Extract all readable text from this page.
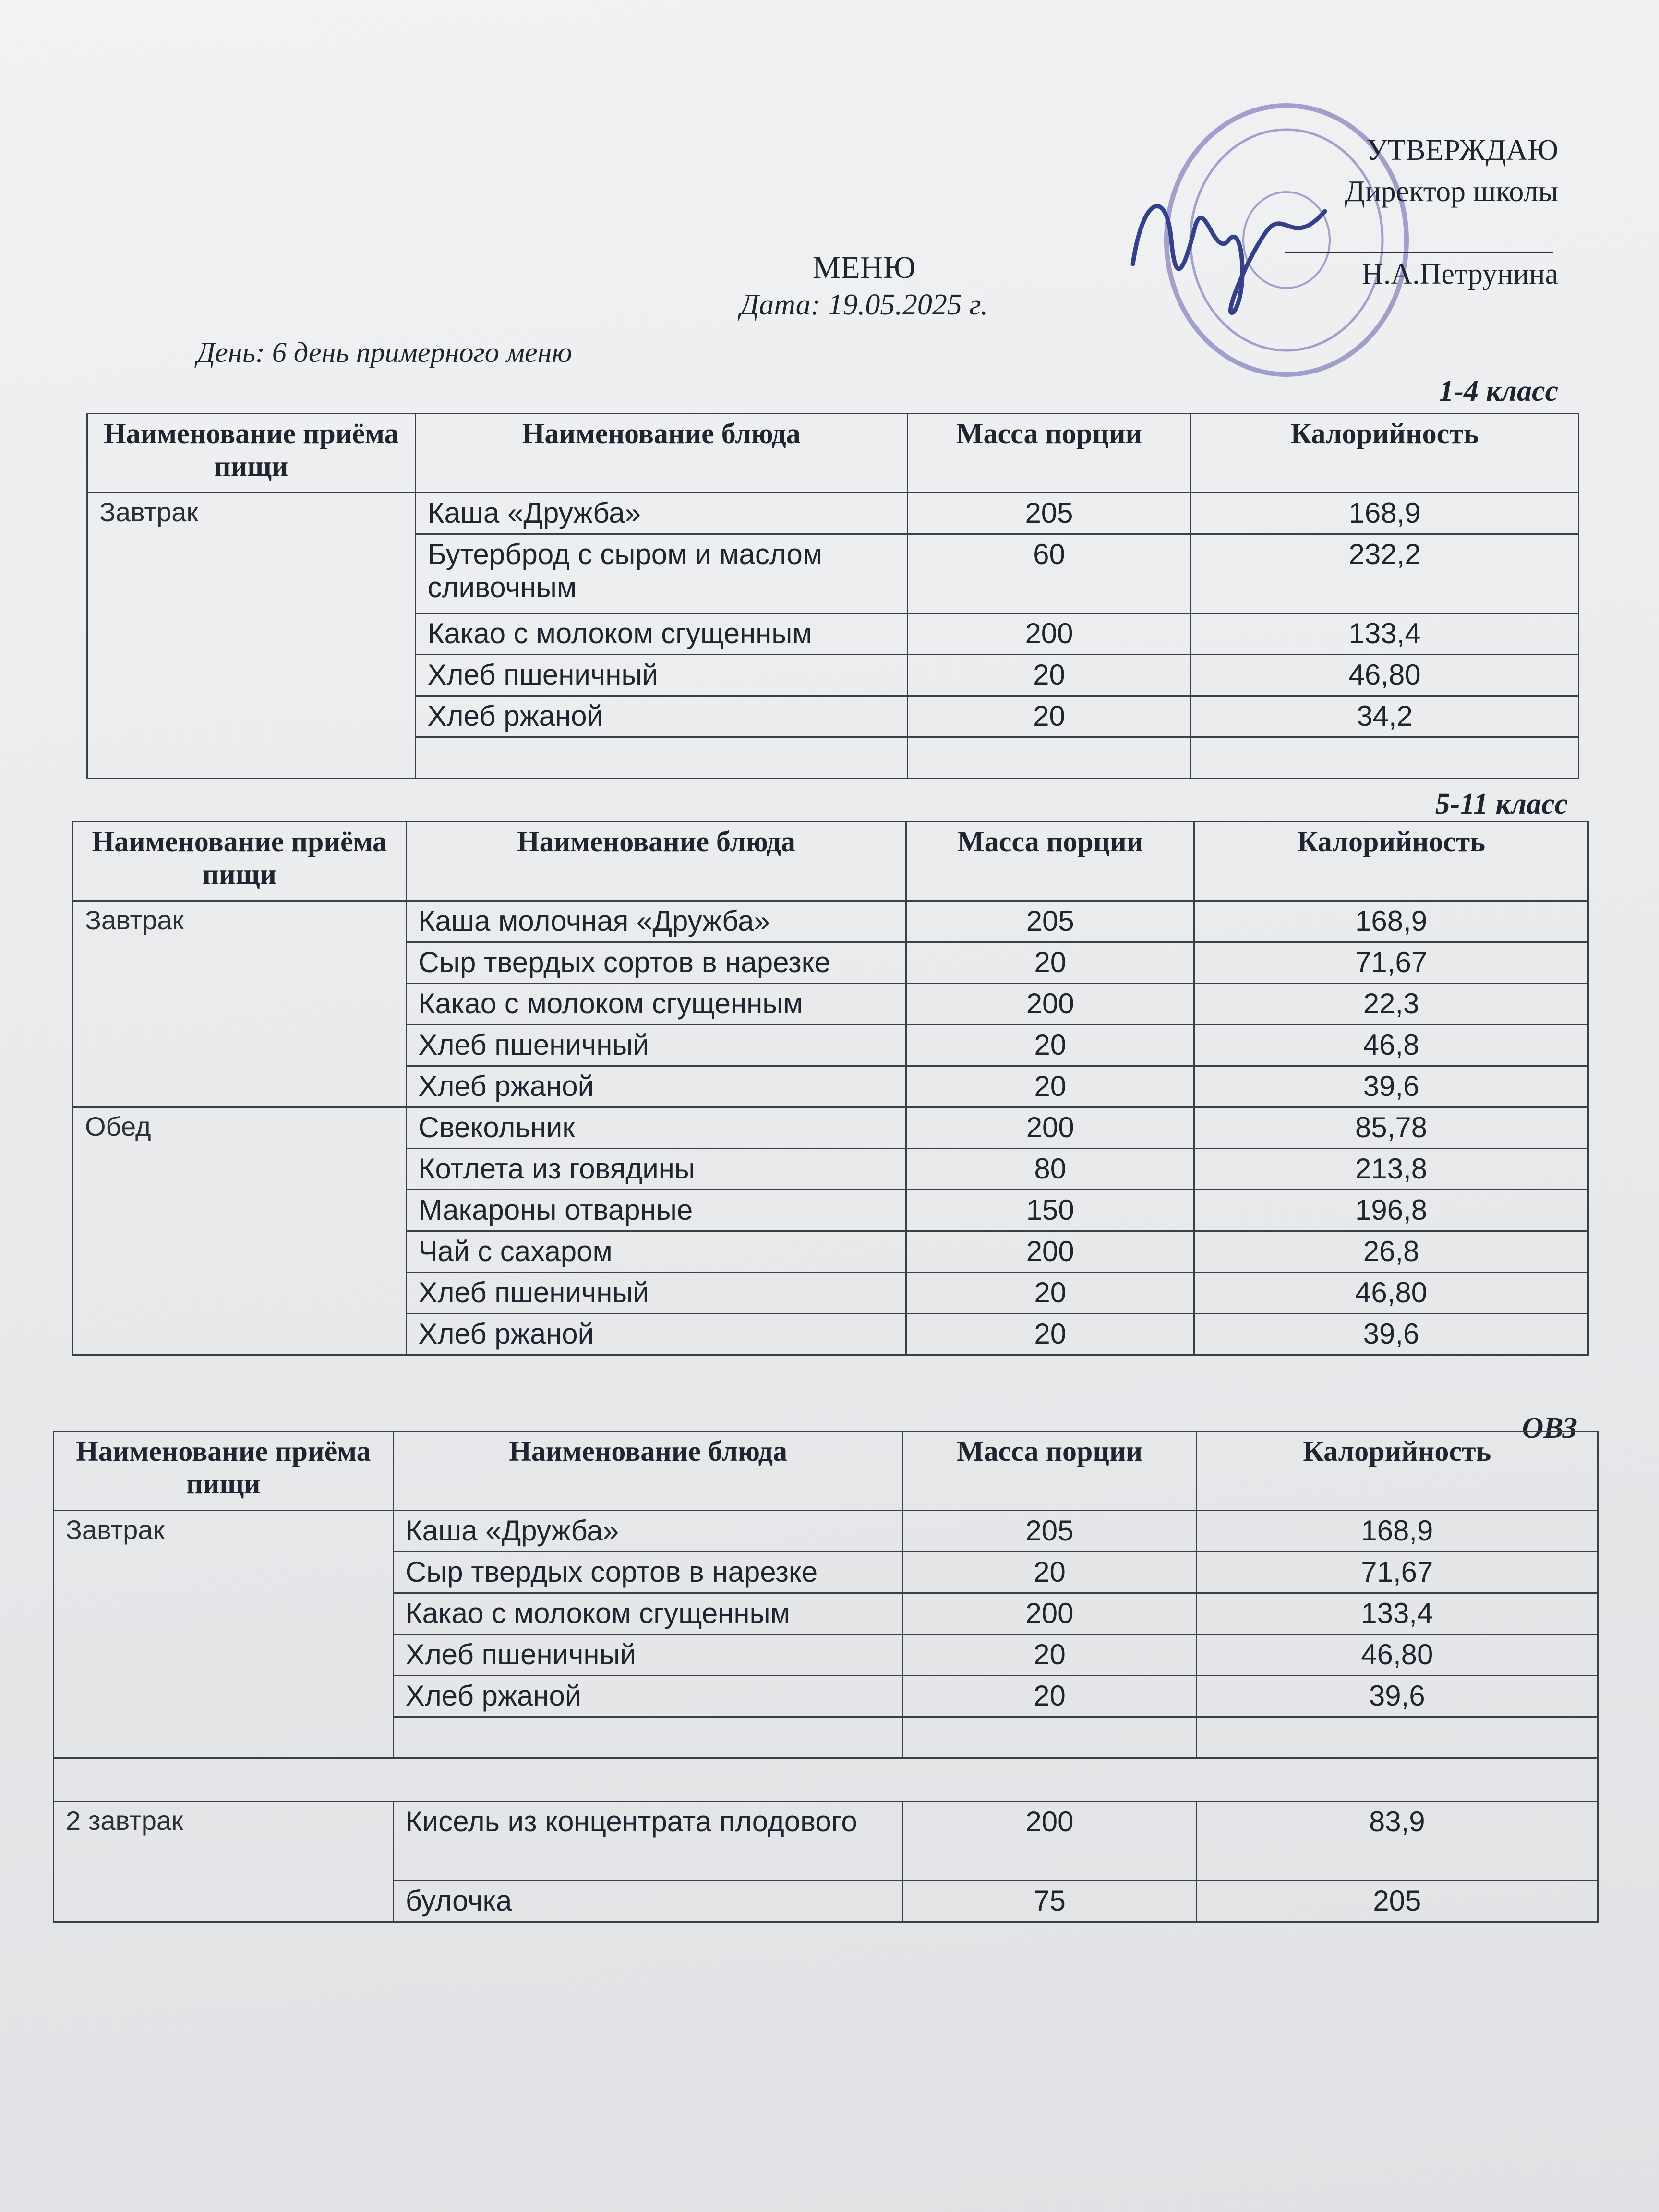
УТВЕРЖДАЮ
Директор школы
Н.А.Петрунина
МЕНЮ
Дата: 19.05.2025 г.
День: 6 день примерного меню
1-4 класс
Наименование приёма пищи	Наименование блюда	Масса порции	Калорийность
Завтрак	Каша «Дружба»	205	168,9
	Бутерброд с сыром и маслом сливочным	60	232,2
	Какао с молоком сгущенным	200	133,4
	Хлеб пшеничный	20	46,80
	Хлеб ржаной	20	34,2

5-11 класс
Наименование приёма пищи	Наименование блюда	Масса порции	Калорийность
Завтрак	Каша молочная «Дружба»	205	168,9
	Сыр твердых сортов в нарезке	20	71,67
	Какао с молоком сгущенным	200	22,3
	Хлеб пшеничный	20	46,8
	Хлеб ржаной	20	39,6
Обед	Свекольник	200	85,78
	Котлета из говядины	80	213,8
	Макароны отварные	150	196,8
	Чай с сахаром	200	26,8
	Хлеб пшеничный	20	46,80
	Хлеб ржаной	20	39,6
ОВЗ
Наименование приёма пищи	Наименование блюда	Масса порции	Калорийность
Завтрак	Каша «Дружба»	205	168,9
	Сыр твердых сортов в нарезке	20	71,67
	Какао с молоком сгущенным	200	133,4
	Хлеб пшеничный	20	46,80
	Хлеб ржаной	20	39,6

2 завтрак	Кисель из концентрата плодового	200	83,9
	булочка	75	205
